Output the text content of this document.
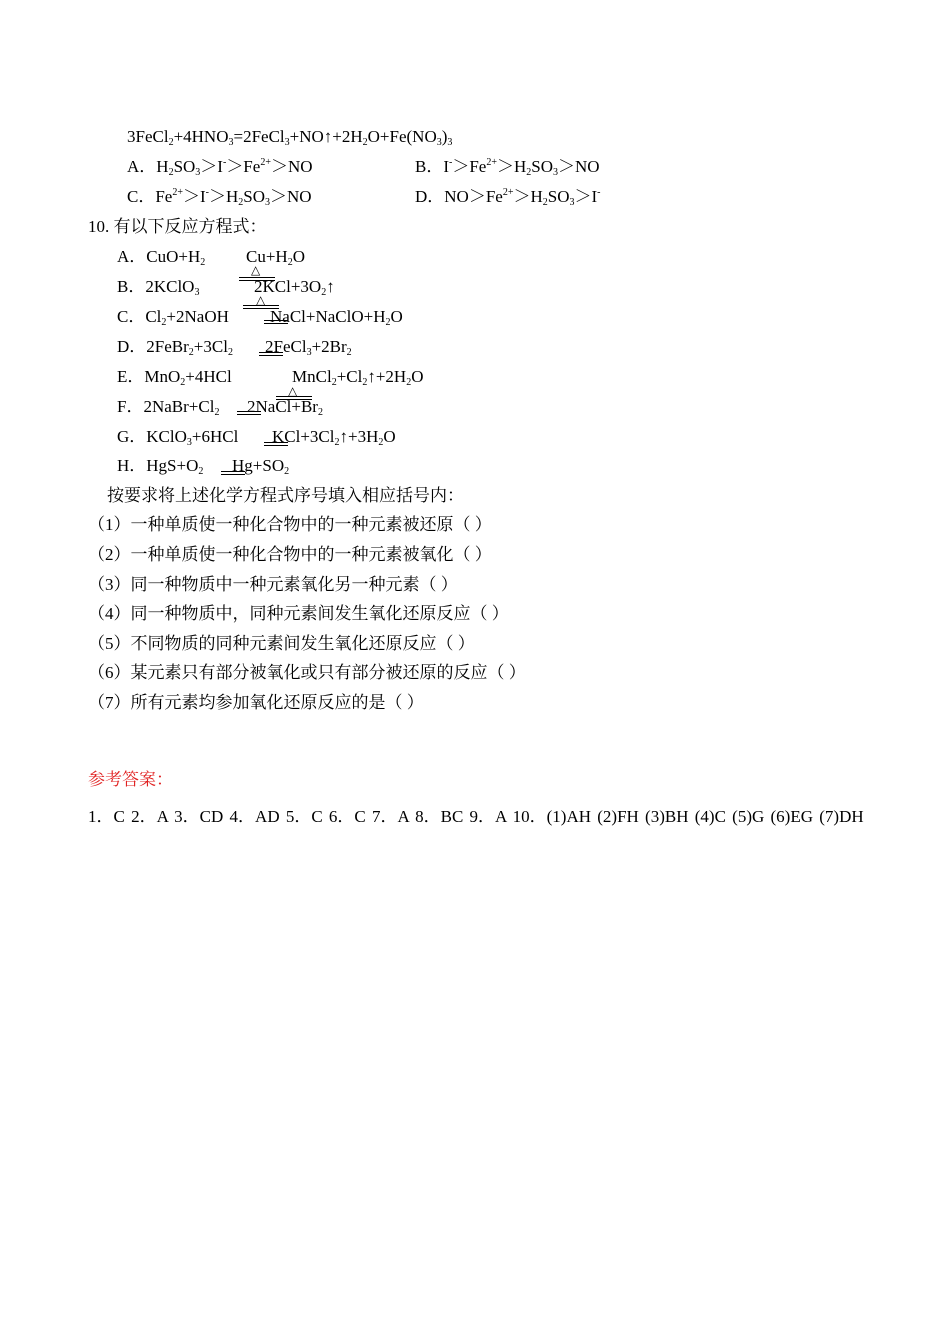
$3FeCl_2+4HNO_3=2FeCl_3+NO↑+2H_2O+Fe(NO_3)_3$
A．$H_2SO_3>I^->Fe^{2+}>NO$	B．$I^->Fe^{2+}>H_2SO_3>NO$
C．$Fe^{2+}>I^->H_2SO_3>NO$	D．$NO>Fe^{2+}>H_2SO_3>I^-$
10. 有以下反应方程式：
A．$CuO+H_2$ $Cu+H_2O$
△
B．2KClO$_3$	$2KCl+3O_2↑$
△
C．$Cl_2+2NaOH$ $NaCl+NaClO+H_2O$
D．$2FeBr_2+3Cl_2$ $2FeCl_3+2Br_2$
E．MnO$_2$+4HCl	$MnCl_2+Cl_2↑+2H_2O$
△
F．$2NaBr+Cl_2$ $2NaCl+Br_2$
G．KClO$_3$+6HCl $KCl+3Cl_2↑+3H_2O$
H．$HgS+O_2$ $Hg+SO_2$
按要求将上述化学方程式序号填入相应括号内：
（1）一种单质使一种化合物中的一种元素被还原（ ）
（2）一种单质使一种化合物中的一种元素被氧化（ ）
（3）同一种物质中一种元素氧化另一种元素（ ）
（4）同一种物质中，同种元素间发生氧化还原反应（ ）
（5）不同物质的同种元素间发生氧化还原反应（ ）
（6）某元素只有部分被氧化或只有部分被还原的反应（ ）
（7）所有元素均参加氧化还原反应的是（ ）
参考答案：
1．C 2．A 3．CD 4．AD 5．C 6．C 7．A 8．BC 9．A 10．(1)AH (2)FH (3)BH (4)C (5)G (6)EG (7)DH
